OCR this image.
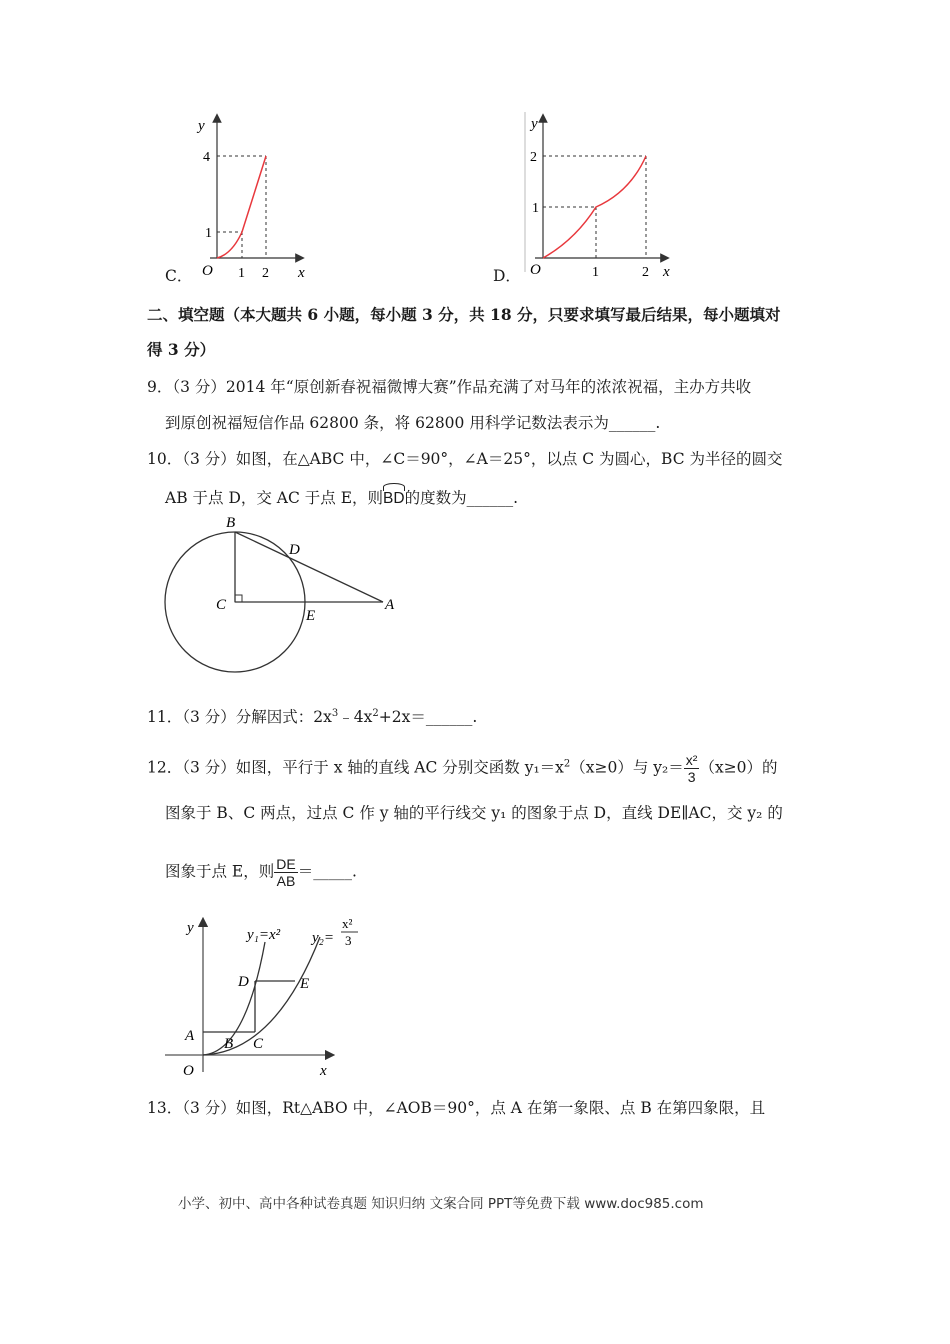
y
x
O
4
1
1 2
C．
y
x
O
2
1
1	2
D．
二、填空题（本大题共 6 小题，每小题 3 分，共 18 分，只要求填写最后结果，每小题填对
得 3 分）
9．（3 分）2014 年“原创新春祝福微博大赛”作品充满了对马年的浓浓祝福，主办方共收
到原创祝福短信作品 62800 条，将 62800 用科学记数法表示为______.
10．（3 分）如图，在△ABC 中，∠C＝90°，∠A＝25°，以点 C 为圆心，BC 为半径的圆交
AB 于点 D，交 AC 于点 E，则
BD的度数为______.
B
D
C
E
A
11．（3 分）分解因式：$2x^3﹣4x^2+2x=\_\_\_\_\_\_$.
12．（3 分）如图，平行于 x 轴的直线 AC 分别交函数 $y_1=x^2(x\ge 0)$与 $y_2= \frac{\text{x²}}{3} (x\ge 0)$的
图象于 B、C 两点，过点 C 作 y 轴的平行线交 y₁ 的图象于点 D，直线 DE∥AC，交 y₂ 的
图象于点 E，则 $\frac{DE}{AB}$ ＝_____.
y
x
O
A B C
D	E
y₁=x² y₂=
x²
3
13．（3 分）如图，Rt△ABO 中，∠AOB＝90°，点 A 在第一象限、点 B 在第四象限，且
小学、初中、高中各种试卷真题 知识归纳 文案合同 PPT等免费下载 www.doc985.com
